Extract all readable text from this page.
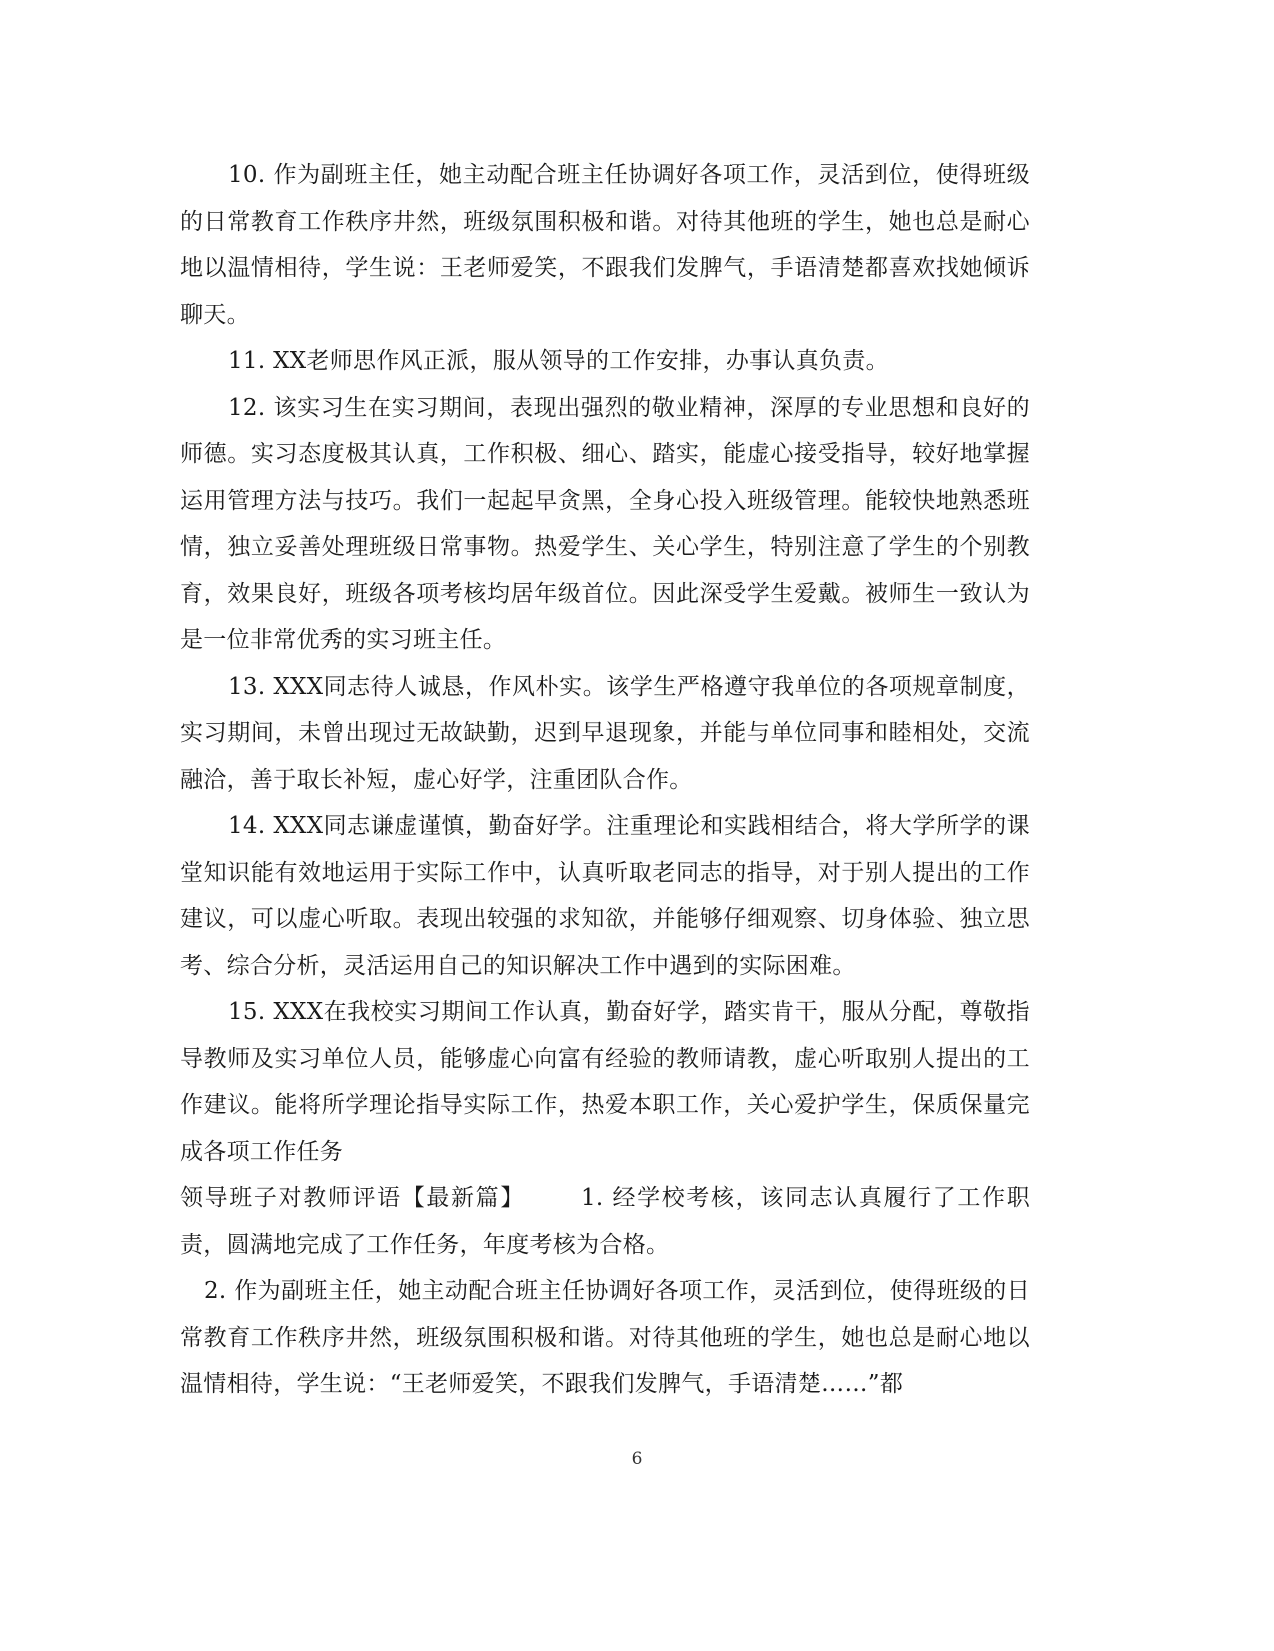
10. 作为副班主任，她主动配合班主任协调好各项工作，灵活到位，使得班级的日常教育工作秩序井然，班级氛围积极和谐。对待其他班的学生，她也总是耐心地以温情相待，学生说：王老师爱笑，不跟我们发脾气，手语清楚都喜欢找她倾诉聊天。

11. XX老师思作风正派，服从领导的工作安排，办事认真负责。

12. 该实习生在实习期间，表现出强烈的敬业精神，深厚的专业思想和良好的师德。实习态度极其认真，工作积极、细心、踏实，能虚心接受指导，较好地掌握运用管理方法与技巧。我们一起起早贪黑，全身心投入班级管理。能较快地熟悉班情，独立妥善处理班级日常事物。热爱学生、关心学生，特别注意了学生的个别教育，效果良好，班级各项考核均居年级首位。因此深受学生爱戴。被师生一致认为是一位非常优秀的实习班主任。

13. XXX同志待人诚恳，作风朴实。该学生严格遵守我单位的各项规章制度，实习期间，未曾出现过无故缺勤，迟到早退现象，并能与单位同事和睦相处，交流融洽，善于取长补短，虚心好学，注重团队合作。

14. XXX同志谦虚谨慎，勤奋好学。注重理论和实践相结合，将大学所学的课堂知识能有效地运用于实际工作中，认真听取老同志的指导，对于别人提出的工作建议，可以虚心听取。表现出较强的求知欲，并能够仔细观察、切身体验、独立思考、综合分析，灵活运用自己的知识解决工作中遇到的实际困难。

15. XXX在我校实习期间工作认真，勤奋好学，踏实肯干，服从分配，尊敬指导教师及实习单位人员，能够虚心向富有经验的教师请教，虚心听取别人提出的工作建议。能将所学理论指导实际工作，热爱本职工作，关心爱护学生，保质保量完成各项工作任务

领导班子对教师评语【最新篇】 1. 经学校考核，该同志认真履行了工作职责，圆满地完成了工作任务，年度考核为合格。

2. 作为副班主任，她主动配合班主任协调好各项工作，灵活到位，使得班级的日常教育工作秩序井然，班级氛围积极和谐。对待其他班的学生，她也总是耐心地以温情相待，学生说：“王老师爱笑，不跟我们发脾气，手语清楚……”都

6
